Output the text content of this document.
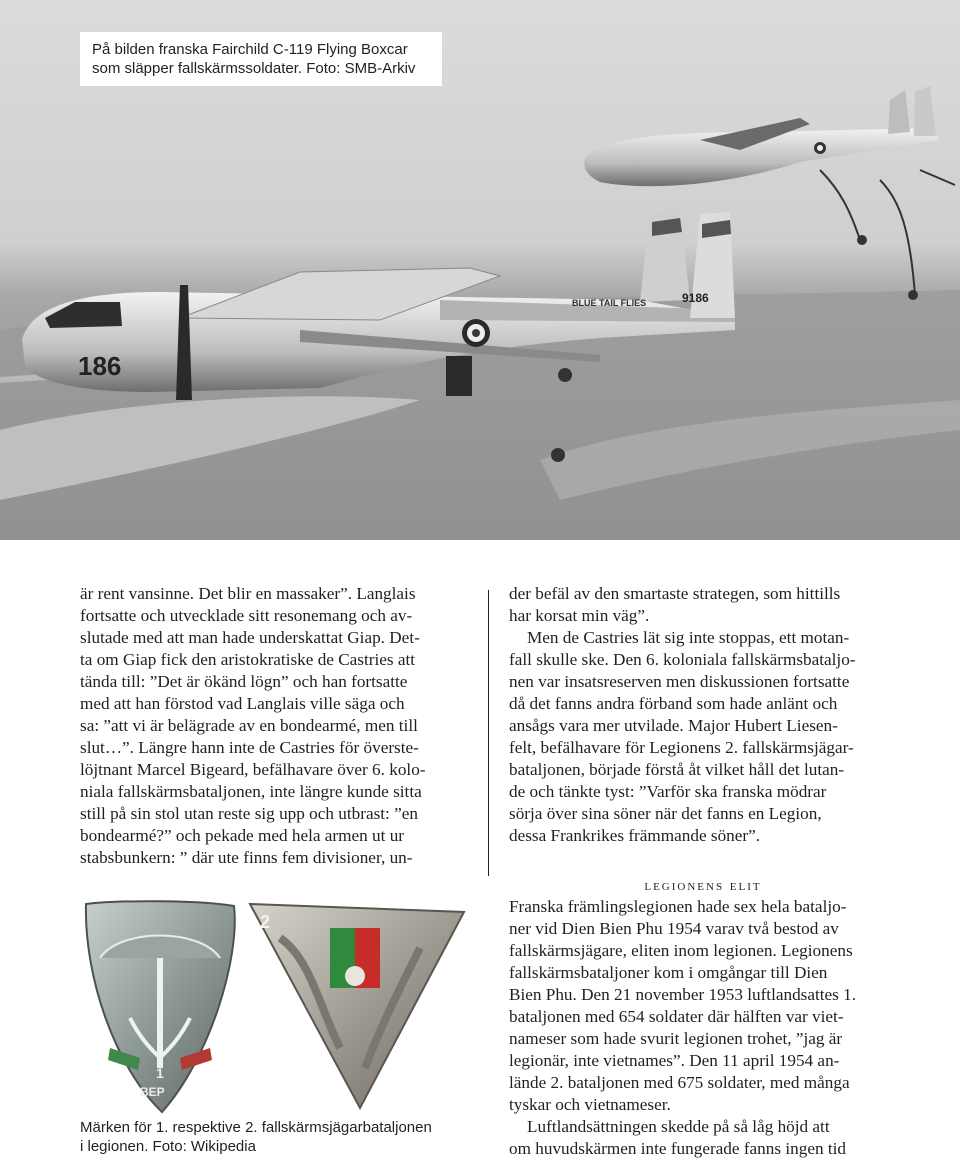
186
9186
BLUE TAIL FLIES
På bilden franska Fairchild C-119 Flying Boxcar
som släpper fallskärmssoldater. Foto: SMB-Arkiv
är rent vansinne. Det blir en massaker”. Langlais
fortsatte och utvecklade sitt resonemang och av-
slutade med att man hade underskattat Giap. Det-
ta om Giap fick den aristokratiske de Castries att
tända till: ”Det är ökänd lögn” och han fortsatte
med att han förstod vad Langlais ville säga och
sa: ”att vi är belägrade av en bondearmé, men till
slut…”. Längre hann inte de Castries för överste-
löjtnant Marcel Bigeard, befälhavare över 6. kolo-
niala fallskärmsbataljonen, inte längre kunde sitta
still på sin stol utan reste sig upp och utbrast: ”en
bondearmé?” och pekade med hela armen ut ur
stabsbunkern: ” där ute finns fem divisioner, un-
der befäl av den smartaste strategen, som hittills
har korsat min väg”.
Men de Castries lät sig inte stoppas, ett motan-
fall skulle ske. Den 6. koloniala fallskärmsbataljo-
nen var insatsreserven men diskussionen fortsatte
då det fanns andra förband som hade anlänt och
ansågs vara mer utvilade. Major Hubert Liesen-
felt, befälhavare för Legionens 2. fallskärmsjägar-
bataljonen, började förstå åt vilket håll det lutan-
de och tänkte tyst: ”Varför ska franska mödrar
sörja över sina söner när det fanns en Legion,
dessa Frankrikes främmande söner”.
legionens elit
Franska främlingslegionen hade sex hela bataljo-
ner vid Dien Bien Phu 1954 varav två bestod av
fallskärmsjägare, eliten inom legionen. Legionens
fallskärmsbataljoner kom i omgångar till Dien
Bien Phu. Den 21 november 1953 luftlandsattes 1.
bataljonen med 654 soldater där hälften var viet-
nameser som hade svurit legionen trohet, ”jag är
legionär, inte vietnames”. Den 11 april 1954 an-
lände 2. bataljonen med 675 soldater, med många
tyskar och vietnameser.
Luftlandsättningen skedde på så låg höjd att
om huvudskärmen inte fungerade fanns ingen tid
1
BEP
2
Märken för 1. respektive 2. fallskärmsjägarbataljonen
i legionen. Foto: Wikipedia
